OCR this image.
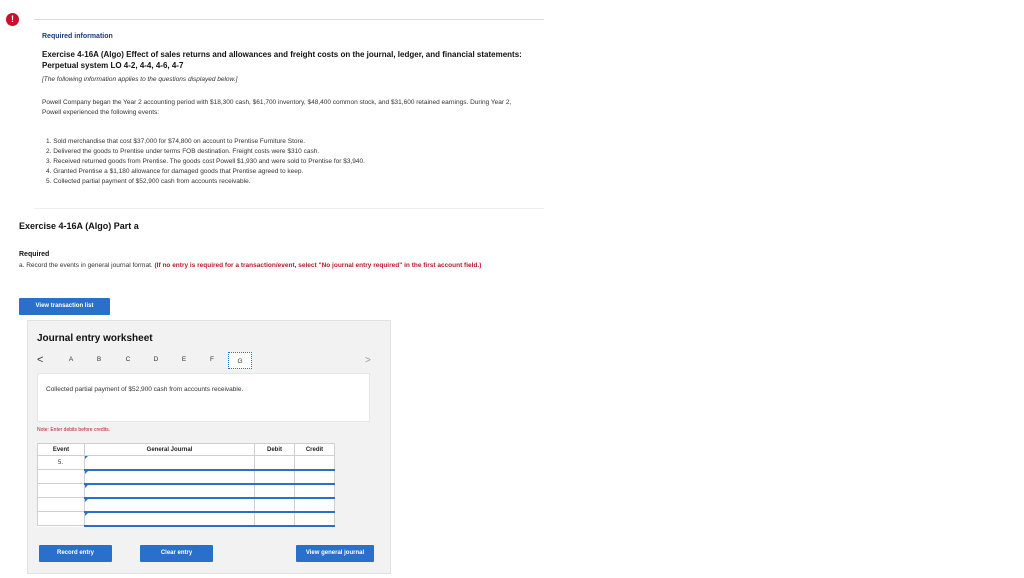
!
Required information
Exercise 4-16A (Algo) Effect of sales returns and allowances and freight costs on the journal, ledger, and financial statements: Perpetual system LO 4-2, 4-4, 4-6, 4-7
[The following information applies to the questions displayed below.]
Powell Company began the Year 2 accounting period with $18,300 cash, $61,700 inventory, $48,400 common stock, and $31,600 retained earnings. During Year 2, Powell experienced the following events:
1. Sold merchandise that cost $37,000 for $74,800 on account to Prentise Furniture Store.
2. Delivered the goods to Prentise under terms FOB destination. Freight costs were $310 cash.
3. Received returned goods from Prentise. The goods cost Powell $1,930 and were sold to Prentise for $3,940.
4. Granted Prentise a $1,180 allowance for damaged goods that Prentise agreed to keep.
5. Collected partial payment of $52,900 cash from accounts receivable.
Exercise 4-16A (Algo) Part a
Required
a. Record the events in general journal format. (If no entry is required for a transaction/event, select "No journal entry required" in the first account field.)
View transaction list
Journal entry worksheet
<	A	B	C	D	E	F	G	>
Collected partial payment of $52,900 cash from accounts receivable.
Note: Enter debits before credits.
Event	General Journal	Debit	Credit
5.			

Record entry	Clear entry	View general journal
